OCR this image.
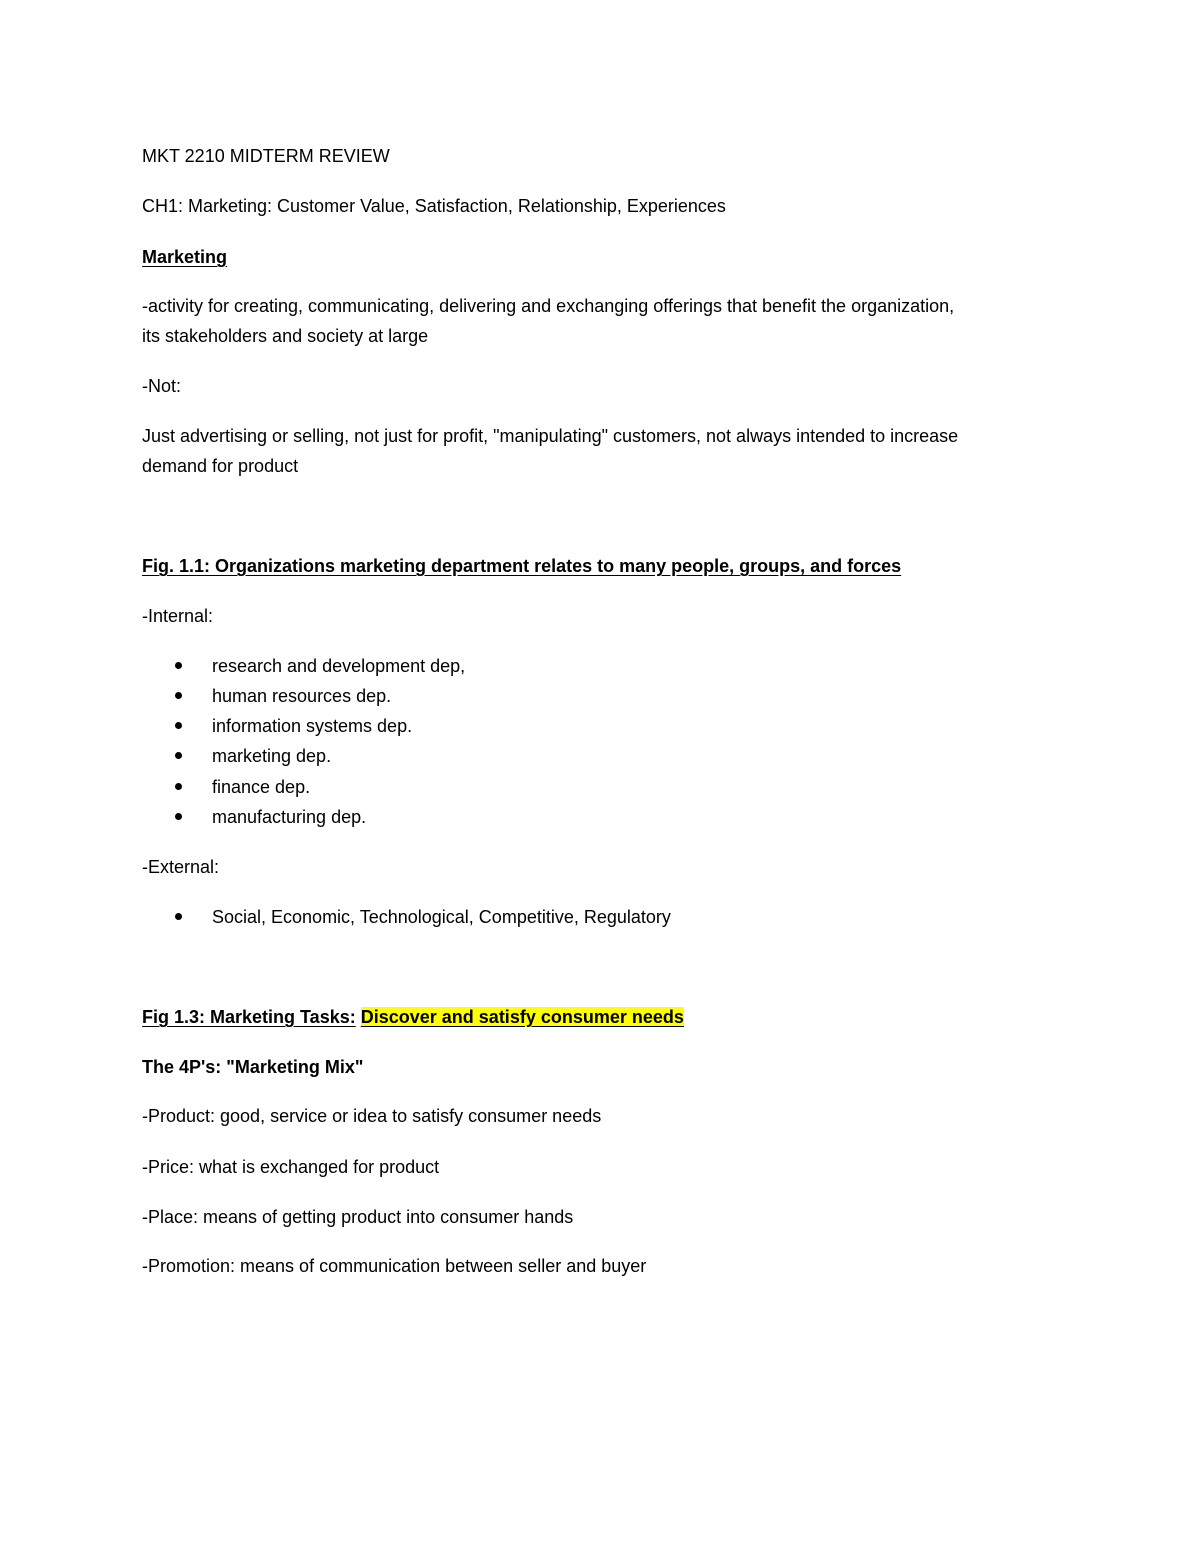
MKT 2210 MIDTERM REVIEW
CH1: Marketing: Customer Value, Satisfaction, Relationship, Experiences
Marketing
-activity for creating, communicating, delivering and exchanging offerings that benefit the organization,
its stakeholders and society at large
-Not:
Just advertising or selling, not just for profit, "manipulating" customers, not always intended to increase
demand for product
Fig. 1.1: Organizations marketing department relates to many people, groups, and forces
-Internal:
research and development dep,
human resources dep.
information systems dep.
marketing dep.
finance dep.
manufacturing dep.
-External:
Social, Economic, Technological, Competitive, Regulatory
Fig 1.3: Marketing Tasks: Discover and satisfy consumer needs
The 4P's: "Marketing Mix"
-Product: good, service or idea to satisfy consumer needs
-Price: what is exchanged for product
-Place: means of getting product into consumer hands
-Promotion: means of communication between seller and buyer
